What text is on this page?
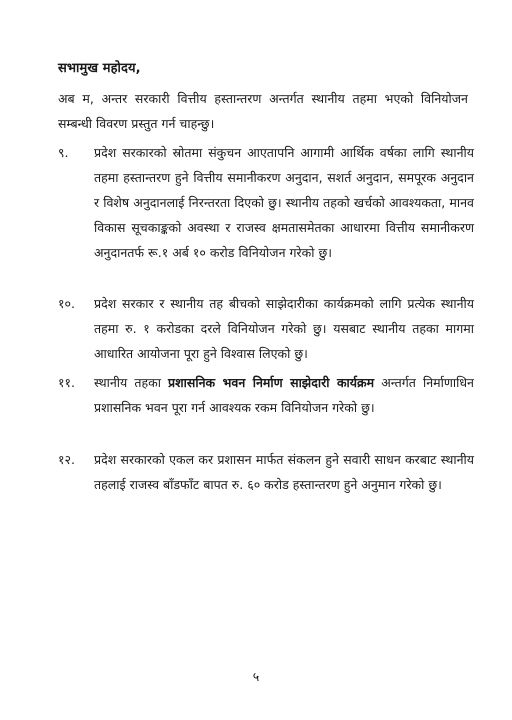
सभामुख महोदय,
अब म, अन्तर सरकारी वित्तीय हस्तान्तरण अन्तर्गत स्थानीय तहमा भएको विनियोजन सम्बन्धी विवरण प्रस्तुत गर्न चाहन्छु।
९.	प्रदेश सरकारको स्रोतमा संकुचन आएतापनि आगामी आर्थिक वर्षका लागि स्थानीय तहमा हस्तान्तरण हुने वित्तीय समानीकरण अनुदान, सशर्त अनुदान, समपूरक अनुदान र विशेष अनुदानलाई निरन्तरता दिएको छु। स्थानीय तहको खर्चको आवश्यकता, मानव विकास सूचकाङ्कको अवस्था र राजस्व क्षमतासमेतका आधारमा वित्तीय समानीकरण अनुदानतर्फ रू.१ अर्ब १० करोड विनियोजन गरेको छु।
१०.	प्रदेश सरकार र स्थानीय तह बीचको साझेदारीका कार्यक्रमको लागि प्रत्येक स्थानीय तहमा रु. १ करोडका दरले विनियोजन गरेको छु। यसबाट स्थानीय तहका मागमा आधारित आयोजना पूरा हुने विश्वास लिएको छु।
११.	स्थानीय तहका प्रशासनिक भवन निर्माण साझेदारी कार्यक्रम अन्तर्गत निर्माणाधिन प्रशासनिक भवन पूरा गर्न आवश्यक रकम विनियोजन गरेको छु।
१२.	प्रदेश सरकारको एकल कर प्रशासन मार्फत संकलन हुने सवारी साधन करबाट स्थानीय तहलाई राजस्व बाँडफाँट बापत रु. ६० करोड हस्तान्तरण हुने अनुमान गरेको छु।
५
